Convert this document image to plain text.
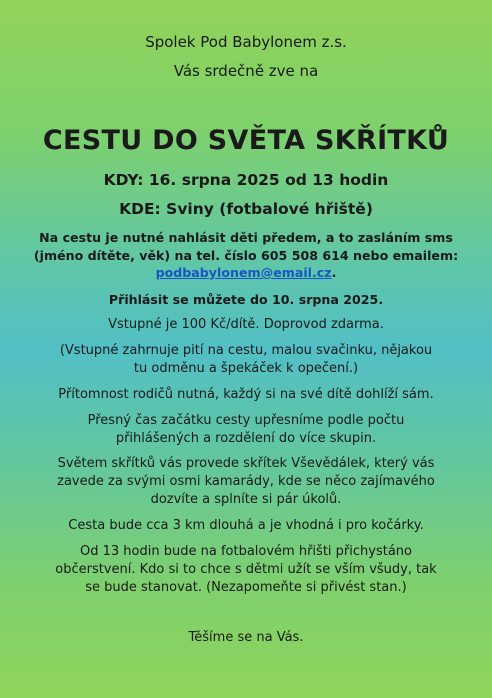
Spolek Pod Babylonem z.s.

Vás srdečně zve na

CESTU DO SVĚTA SKŘÍTKŮ

KDY: 16. srpna 2025 od 13 hodin

KDE: Sviny (fotbalové hřiště)

Na cestu je nutné nahlásit děti předem, a to zasláním sms

(jméno dítěte, věk) na tel. číslo 605 508 614 nebo emailem:

podbabylonem@email.cz.

Přihlásit se můžete do 10. srpna 2025.

Vstupné je 100 Kč/dítě. Doprovod zdarma.

(Vstupné zahrnuje pití na cestu, malou svačinku, nějakou

tu odměnu a špekáček k opečení.)

Přítomnost rodičů nutná, každý si na své dítě dohlíží sám.

Přesný čas začátku cesty upřesníme podle počtu

přihlášených a rozdělení do více skupin.

Světem skřítků vás provede skřítek Vševědálek, který vás

zavede za svými osmi kamarády, kde se něco zajímavého

dozvíte a splníte si pár úkolů.

Cesta bude cca 3 km dlouhá a je vhodná i pro kočárky.

Od 13 hodin bude na fotbalovém hřišti přichystáno

občerstvení. Kdo si to chce s dětmi užít se vším všudy, tak

se bude stanovat. (Nezapomeňte si přivést stan.)

Těšíme se na Vás.
